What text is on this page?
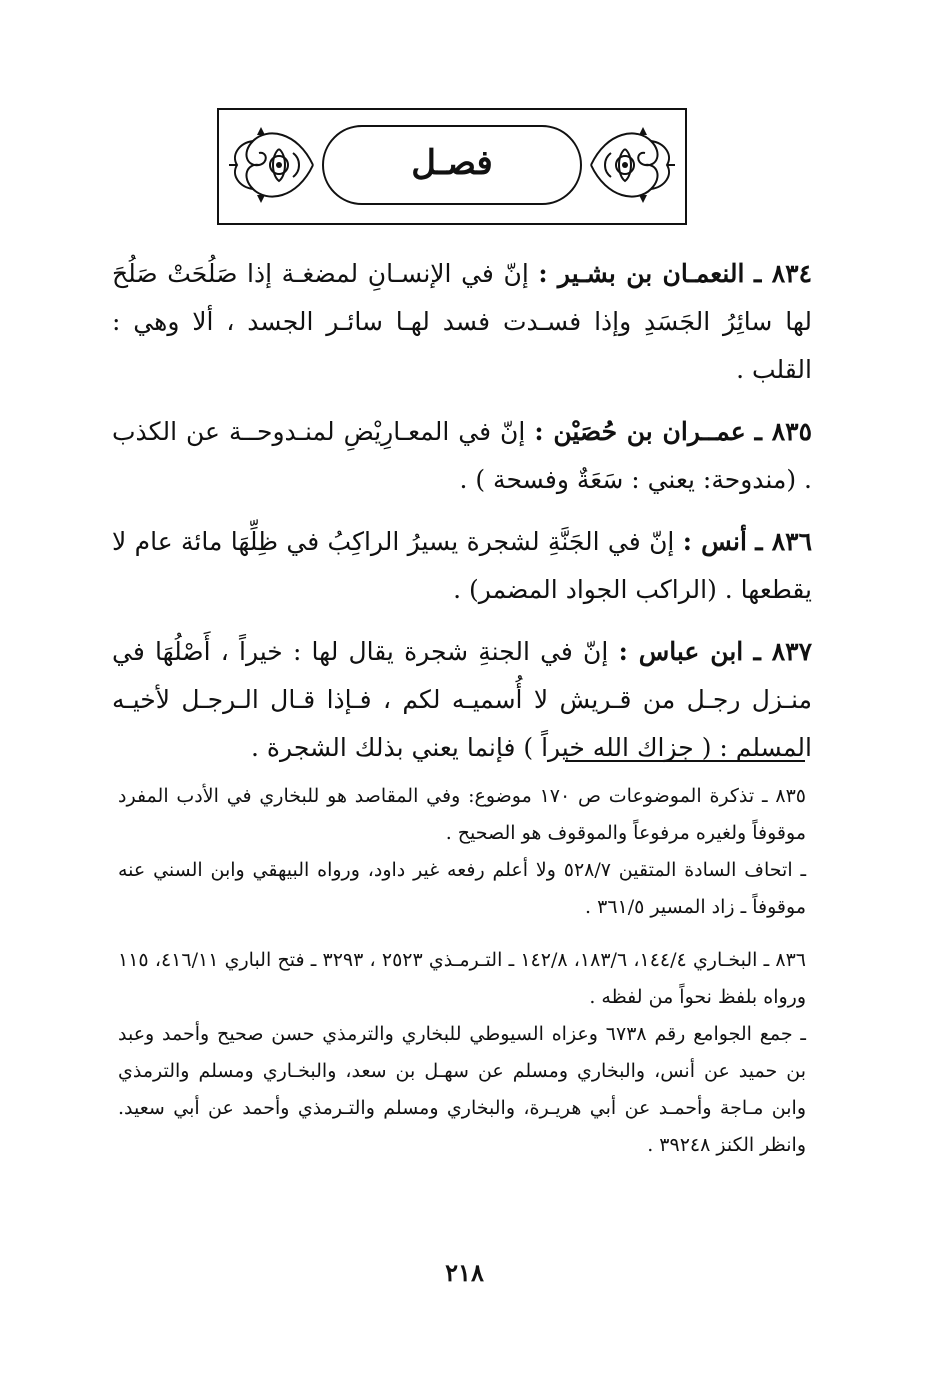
فصـل

٨٣٤ ـ النعمـان بن بشـير : إنّ في الإنسـانِ لمضغـة إذا صَلُحَتْ صَلُحَ لها سائِرُ الجَسَدِ وإذا فسـدت فسد لهـا سائـر الجسد ، ألا وهي : القلب .

٨٣٥ ـ عمــران بن حُصَيْن : إنّ في المعـارِيْضِ لمنـدوحــة عن الكذب . (مندوحة: يعني : سَعَةٌ وفسحة ) .

٨٣٦ ـ أنس : إنّ في الجَنَّةِ لشجرة يسيرُ الراكِبُ في ظِلِّهَا مائة عام لا يقطعها . (الراكب الجواد المضمر) .

٨٣٧ ـ ابن عباس : إنّ في الجنةِ شجرة يقال لها : خيراً ، أَصْلُهَا في منـزل رجـل من قـريش لا أُسميـه لكم ، فـإذا قـال الـرجـل لأخيـه المسلم : ( جزاك الله خيراً ) فإنما يعني بذلك الشجرة .

٨٣٥ ـ تذكرة الموضوعات ص ١٧٠ موضوع: وفي المقاصد هو للبخاري في الأدب المفرد موقوفاً ولغيره مرفوعاً والموقوف هو الصحيح .

ـ اتحاف السادة المتقين ٥٢٨/٧ ولا أعلم رفعه غير داود، ورواه البيهقي وابن السني عنه موقوفاً ـ زاد المسير ٣٦١/٥ .

٨٣٦ ـ البخـاري ١٤٤/٤، ١٨٣/٦، ١٤٢/٨ ـ التـرمـذي ٢٥٢٣ ، ٣٢٩٣ ـ فتح الباري ٤١٦/١١، ١١٥ ورواه بلفظ نحواً من لفظه .

ـ جمع الجوامع رقم ٦٧٣٨ وعزاه السيوطي للبخاري والترمذي حسن صحيح وأحمد وعبد بن حميد عن أنس، والبخاري ومسلم عن سهـل بن سعد، والبخـاري ومسلم والترمذي وابن مـاجة وأحمـد عن أبي هريـرة، والبخاري ومسلم والتـرمذي وأحمد عن أبي سعيد. وانظر الكنز ٣٩٢٤٨ .

٢١٨
